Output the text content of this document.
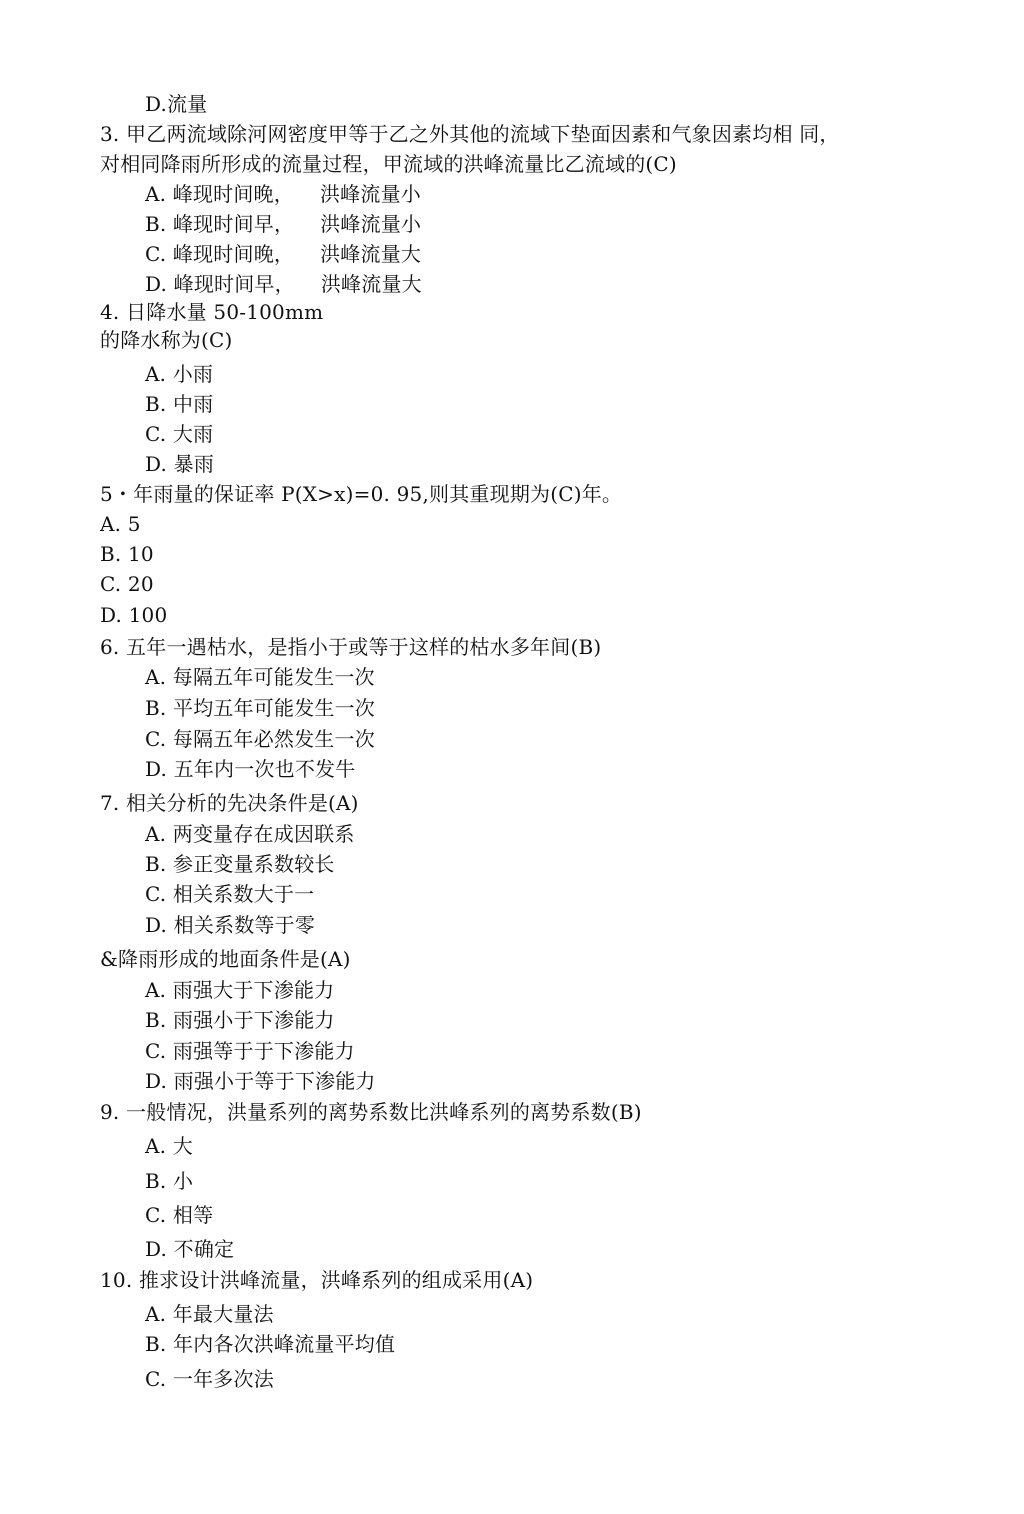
D.流量
3. 甲乙两流域除河网密度甲等于乙之外其他的流域下垫面因素和气象因素均相 同，
对相同降雨所形成的流量过程，甲流域的洪峰流量比乙流域的(C)
A. 峰现时间晚， 洪峰流量小
B. 峰现时间早， 洪峰流量小
C. 峰现时间晚， 洪峰流量大
D. 峰现时间早， 洪峰流量大
4. 日降水量 50-100mm
的降水称为(C)
A. 小雨
B. 中雨
C. 大雨
D. 暴雨
5・年雨量的保证率 P(X>x)=0. 95,则其重现期为(C)年。
A. 5
B. 10
C. 20
D. 100
6. 五年一遇枯水，是指小于或等于这样的枯水多年间(B)
A. 每隔五年可能发生一次
B. 平均五年可能发生一次
C. 每隔五年必然发生一次
D. 五年内一次也不发牛
7. 相关分析的先决条件是(A)
A. 两变量存在成因联系
B. 参正变量系数较长
C. 相关系数大于一
D. 相关系数等于零
&降雨形成的地面条件是(A)
A. 雨强大于下渗能力
B. 雨强小于下渗能力
C. 雨强等于于下渗能力
D. 雨强小于等于下渗能力
9. 一般情况，洪量系列的离势系数比洪峰系列的离势系数(B)
A. 大
B. 小
C. 相等
D. 不确定
10. 推求设计洪峰流量，洪峰系列的组成采用(A)
A. 年最大量法
B. 年内各次洪峰流量平均值
C. 一年多次法
